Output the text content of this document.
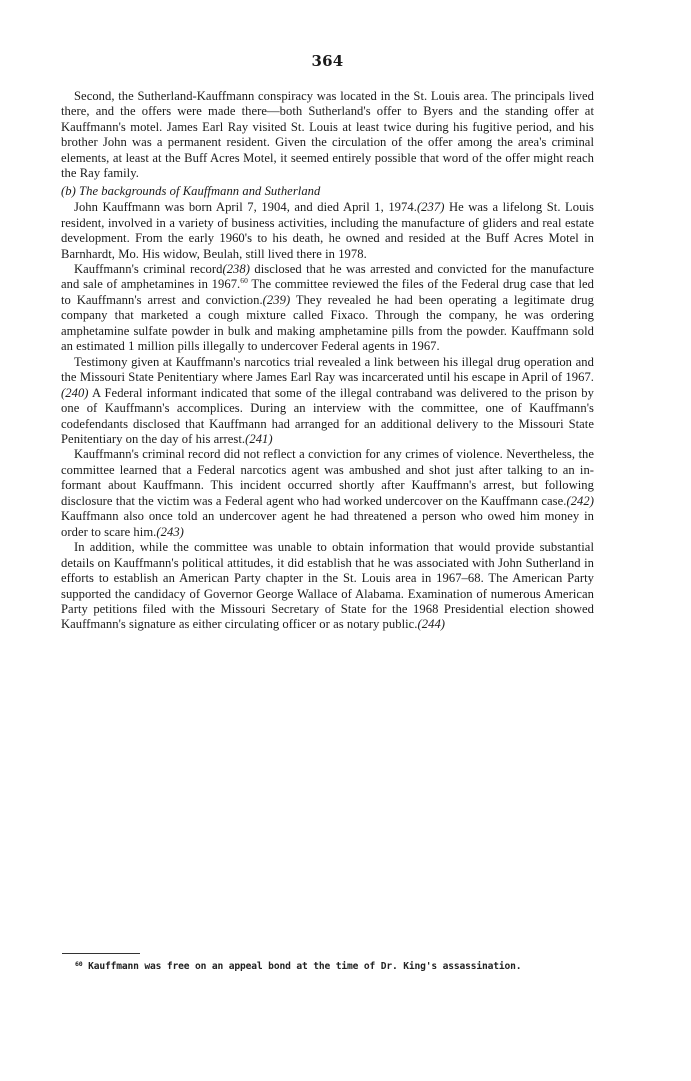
364

Second, the Sutherland-Kauffmann conspiracy was located in the St. Louis area. The principals lived there, and the offers were made there—both Sutherland's offer to Byers and the standing offer at Kauffmann's motel. James Earl Ray visited St. Louis at least twice during his fugitive period, and his brother John was a permanent resident. Given the circulation of the offer among the area's criminal elements, at least at the Buff Acres Motel, it seemed entirely possible that word of the offer might reach the Ray family.

(b) The backgrounds of Kauffmann and Sutherland

John Kauffmann was born April 7, 1904, and died April 1, 1974.(237) He was a lifelong St. Louis resident, involved in a variety of business activities, including the manufacture of gliders and real estate development. From the early 1960's to his death, he owned and resided at the Buff Acres Motel in Barnhardt, Mo. His widow, Beulah, still lived there in 1978.

Kauffmann's criminal record(238) disclosed that he was arrested and convicted for the manufacture and sale of amphetamines in 1967.60 The committee reviewed the files of the Federal drug case that led to Kauffmann's arrest and conviction.(239) They revealed he had been operating a legitimate drug company that marketed a cough mixture called Fixaco. Through the company, he was ordering amphetamine sulfate powder in bulk and making amphetamine pills from the powder. Kauffmann sold an estimated 1 million pills illegally to undercover Federal agents in 1967.

Testimony given at Kauffmann's narcotics trial revealed a link between his illegal drug operation and the Missouri State Penitentiary where James Earl Ray was incarcerated until his escape in April of 1967.(240) A Federal informant indicated that some of the illegal contraband was delivered to the prison by one of Kauffmann's accomplices. During an interview with the committee, one of Kauffmann's codefendants disclosed that Kauffmann had arranged for an additional delivery to the Missouri State Penitentiary on the day of his arrest.(241)

Kauffmann's criminal record did not reflect a conviction for any crimes of violence. Nevertheless, the committee learned that a Federal narcotics agent was ambushed and shot just after talking to an informant about Kauffmann. This incident occurred shortly after Kauffmann's arrest, but following disclosure that the victim was a Federal agent who had worked undercover on the Kauffmann case.(242) Kauffmann also once told an undercover agent he had threatened a person who owed him money in order to scare him.(243)

In addition, while the committee was unable to obtain information that would provide substantial details on Kauffmann's political attitudes, it did establish that he was associated with John Sutherland in efforts to establish an American Party chapter in the St. Louis area in 1967–68. The American Party supported the candidacy of Governor George Wallace of Alabama. Examination of numerous American Party petitions filed with the Missouri Secretary of State for the 1968 Presidential election showed Kauffmann's signature as either circulating officer or as notary public.(244)

$^{60}$ Kauffmann was free on an appeal bond at the time of Dr. King's assassination.
